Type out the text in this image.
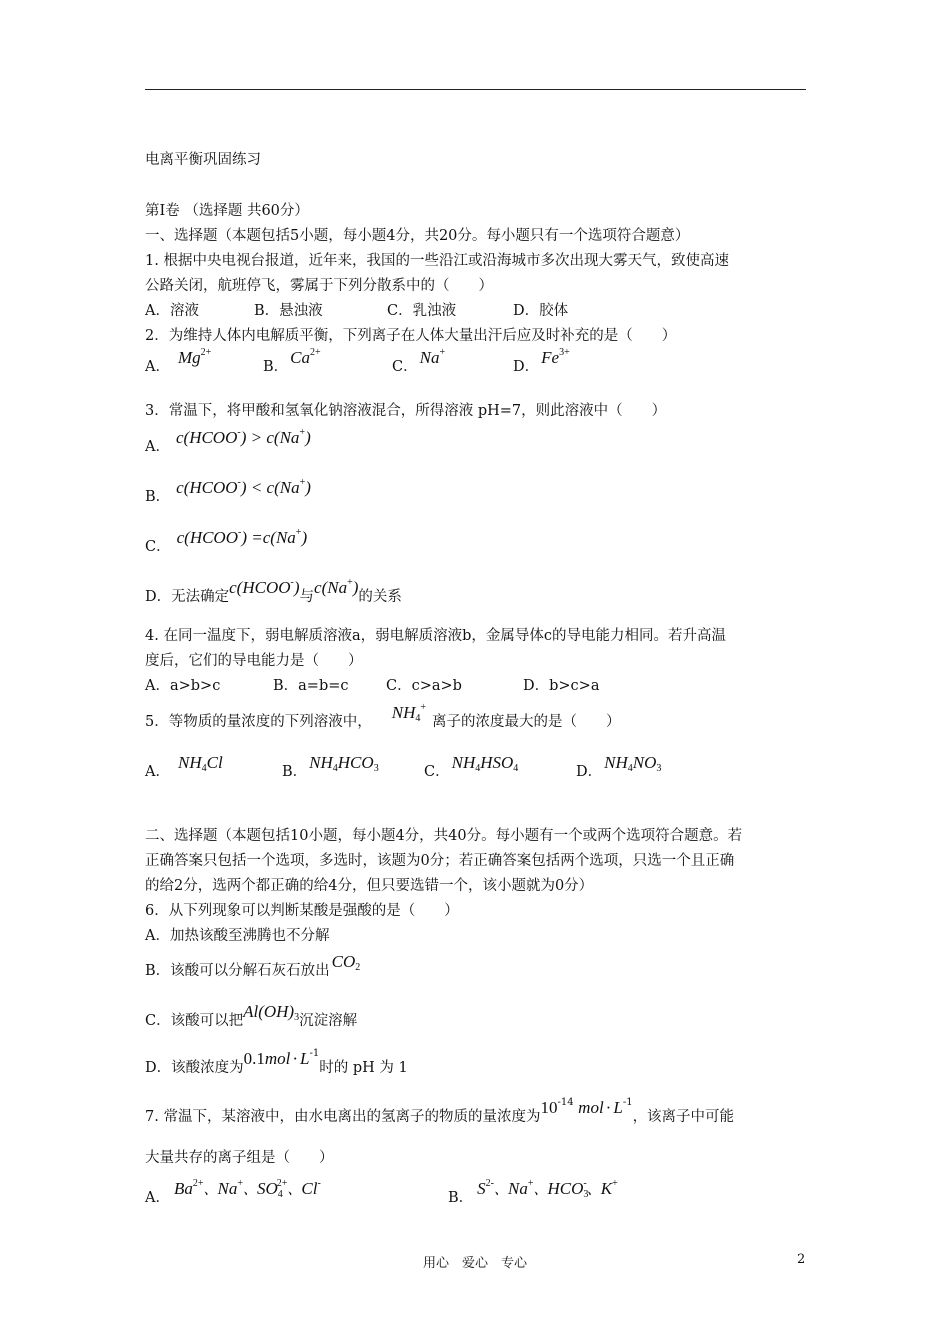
电离平衡巩固练习
第Ⅰ卷 （选择题 共60分）
一、选择题（本题包括5小题，每小题4分，共20分。每小题只有一个选项符合题意）
1. 根据中央电视台报道，近年来，我国的一些沿江或沿海城市多次出现大雾天气，致使高速
公路关闭，航班停飞，雾属于下列分散系中的（　　）
A．溶液	B．悬浊液	C．乳浊液	D．胶体
2．为维持人体内电解质平衡，下列离子在人体大量出汗后应及时补充的是（　　）
A． $Mg^{2+}$
B． $Ca^{2+}$
C． Na+
D． $Fe^{3+}$
3．常温下，将甲酸和氢氧化钠溶液混合，所得溶液 pH=7，则此溶液中（　　）
A． c(HCOO-) > c(Na+)
B． c(HCOO-) < c(Na+)
C． c(HCOO-) =c(Na+)
D．无法确定c(HCOO-)与c(Na+)的关系
4. 在同一温度下，弱电解质溶液a，弱电解质溶液b，金属导体c的导电能力相同。若升高温
度后，它们的导电能力是（　　）
A．a>b>c	B．a=b=c	C．c>a>b	D．b>c>a
5．等物质的量浓度的下列溶液中， $NH_4^+$离子的浓度最大的是（　　）
A． $NH_4Cl$	B． $NH_4HCO_3$	C． $NH_4HSO_4$	D． $NH_4NO_3$
二、选择题（本题包括10小题，每小题4分，共40分。每小题有一个或两个选项符合题意。若
正确答案只包括一个选项，多选时，该题为0分；若正确答案包括两个选项，只选一个且正确
的给2分，选两个都正确的给4分，但只要选错一个，该小题就为0分）
6．从下列现象可以判断某酸是强酸的是（　　）
A．加热该酸至沸腾也不分解
B．该酸可以分解石灰石放出 $CO_2$
C．该酸可以把$Al(OH)_3$沉淀溶解
D．该酸浓度为$0.1mol \cdot L^{-1}$时的 pH 为 1
7. 常温下，某溶液中，由水电离出的氢离子的物质的量浓度为$10^{-14}$ mol · $L^{-1}$，该离子中可能
大量共存的离子组是（　　）
A． $Ba^{2+}$、Na+、$SO_4^{2+}$、Cl-
B． $S^{2-}$、Na+、$HCO_3^-$、K+
用心　爱心　专心	2
